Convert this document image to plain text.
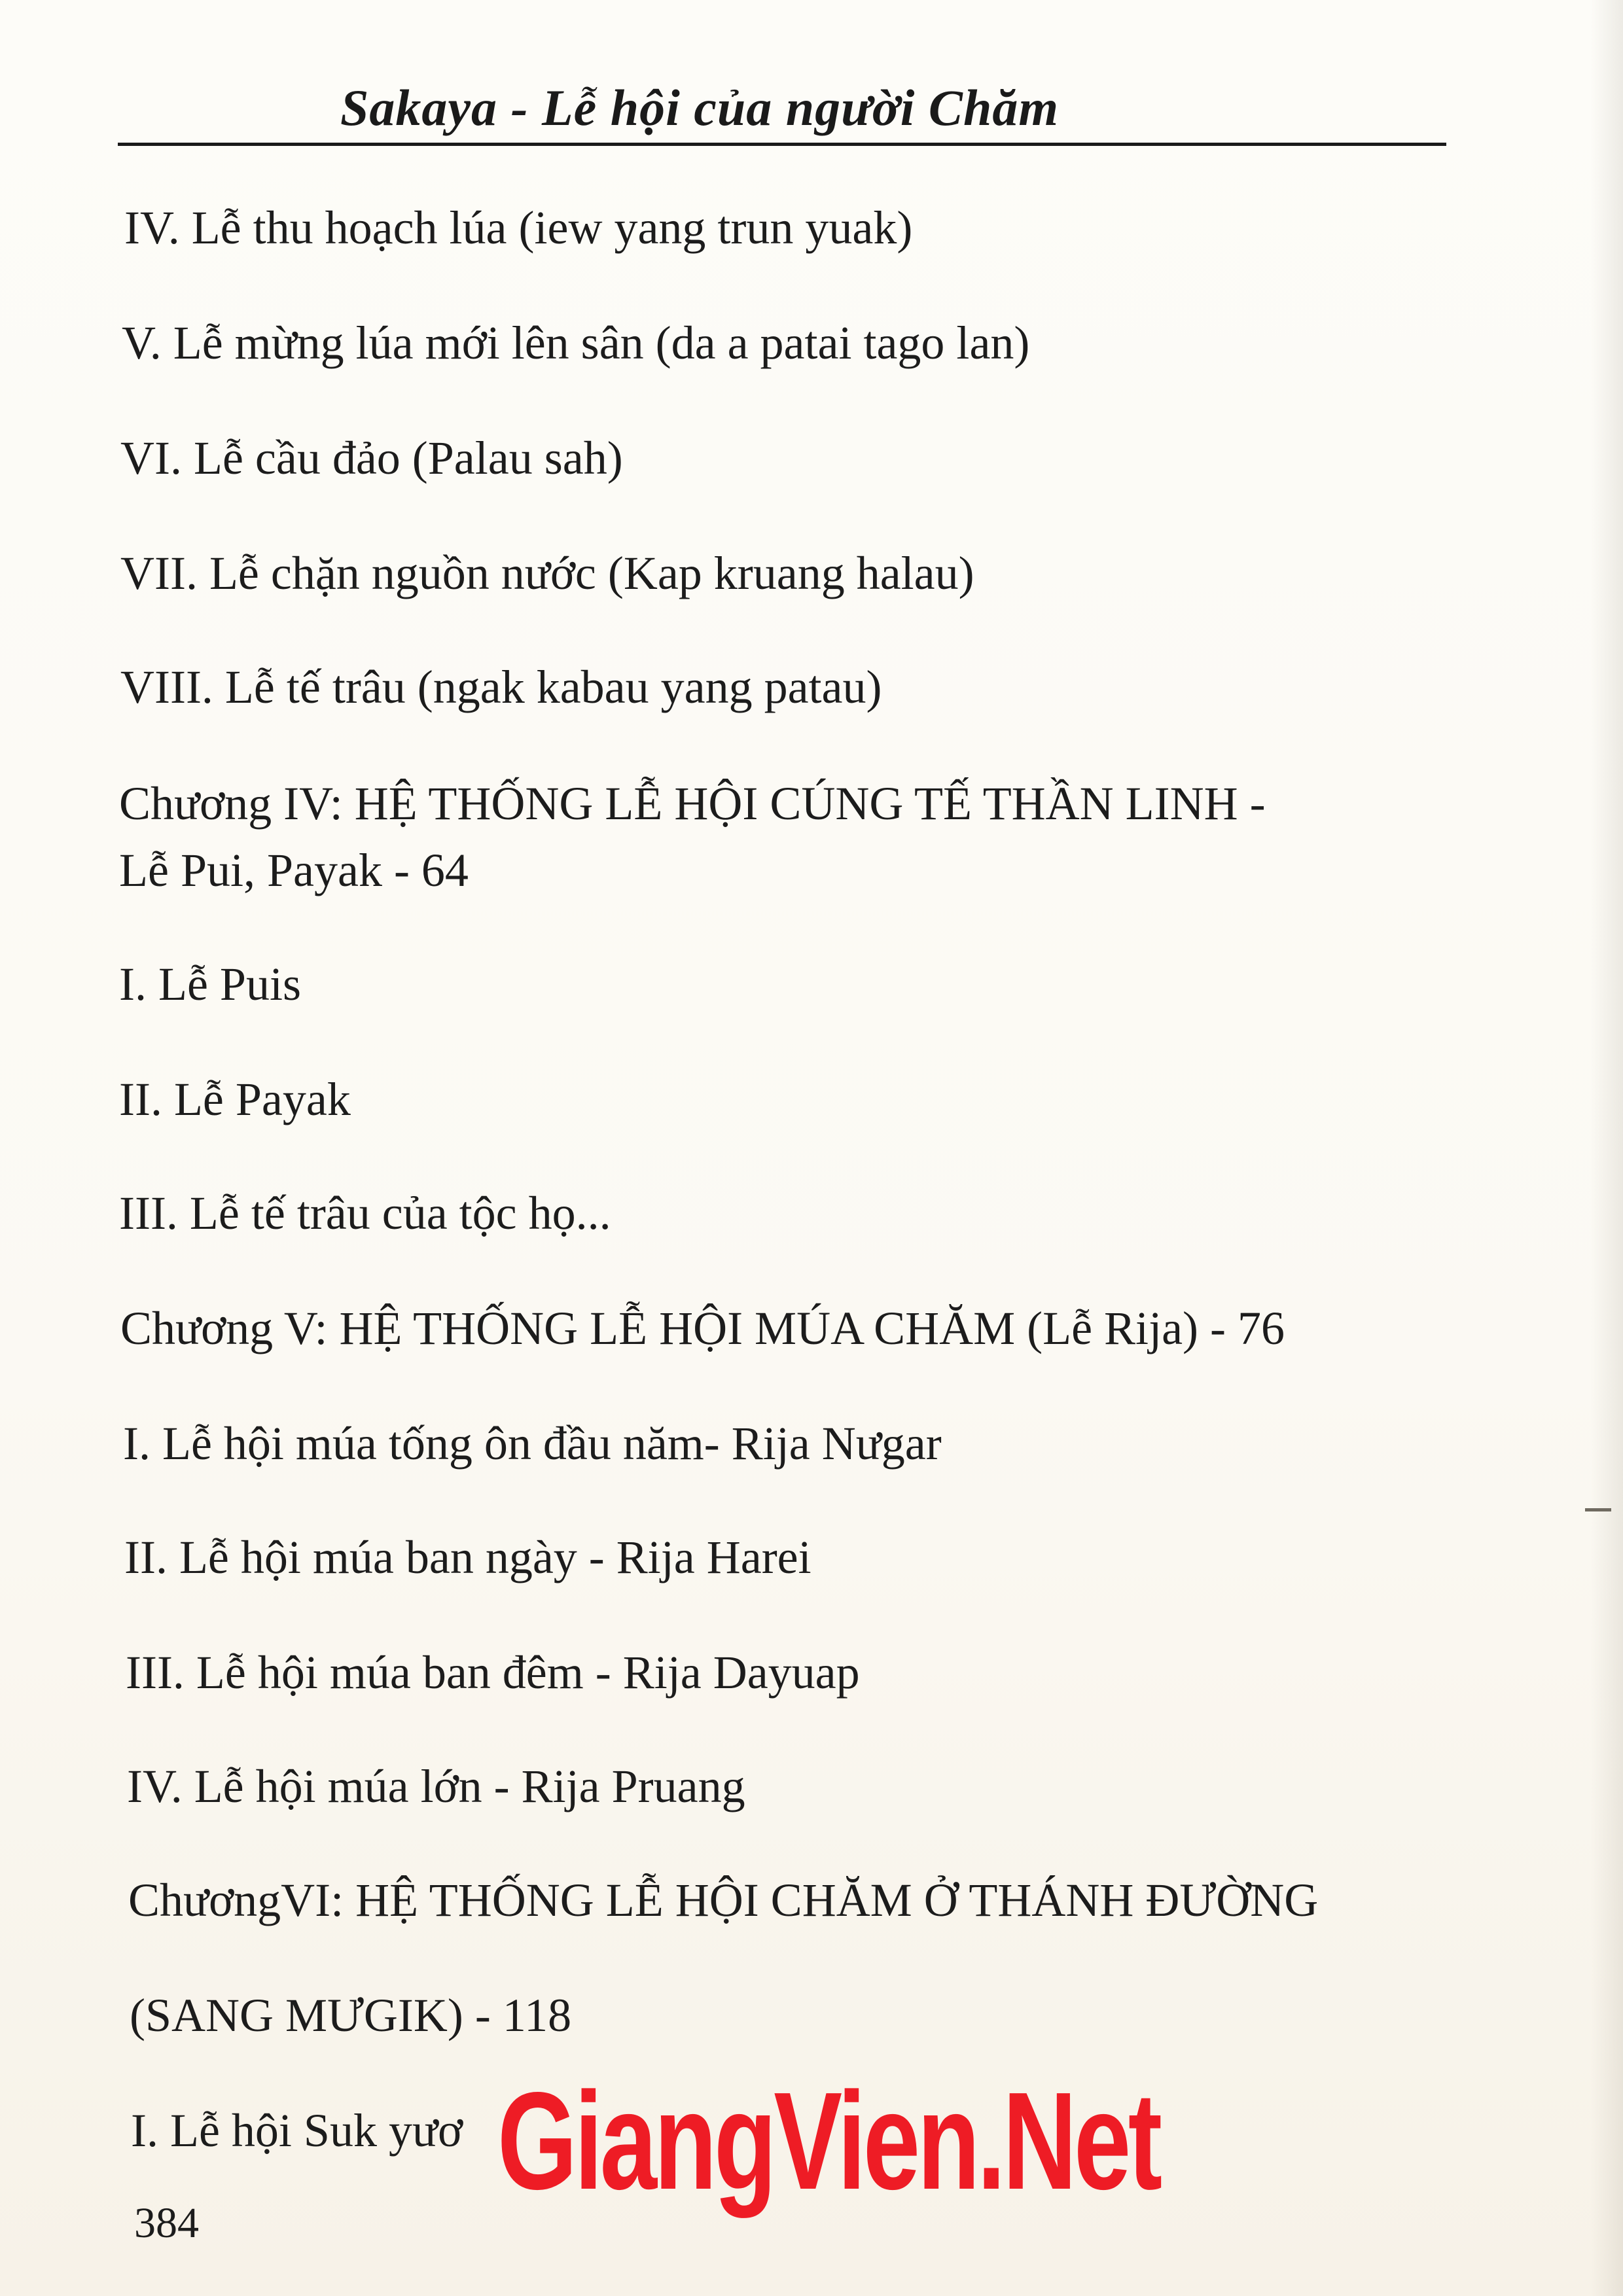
Sakaya - Lễ hội của người Chăm
IV. Lễ thu hoạch lúa (iew yang trun yuak)
V. Lễ mừng lúa mới lên sân (da a patai tago lan)
VI. Lễ cầu đảo (Palau sah)
VII. Lễ chặn nguồn nước (Kap kruang halau)
VIII. Lễ tế trâu (ngak kabau yang patau)
Chương IV: HỆ THỐNG LỄ HỘI CÚNG TẾ THẦN LINH -
Lễ Pui, Payak - 64
I. Lễ Puis
II. Lễ Payak
III. Lễ tế trâu của tộc họ...
Chương V: HỆ THỐNG LỄ HỘI MÚA CHĂM (Lễ Rija) - 76
I. Lễ hội múa tống ôn đầu năm- Rija Nưgar
II. Lễ hội múa ban ngày - Rija Harei
III. Lễ hội múa ban đêm - Rija Dayuap
IV. Lễ hội múa lớn - Rija Pruang
ChươngVI: HỆ THỐNG LỄ HỘI CHĂM Ở THÁNH ĐƯỜNG
(SANG MƯGIK) - 118
I. Lễ hội Suk yươ GiangVien.Net
384
